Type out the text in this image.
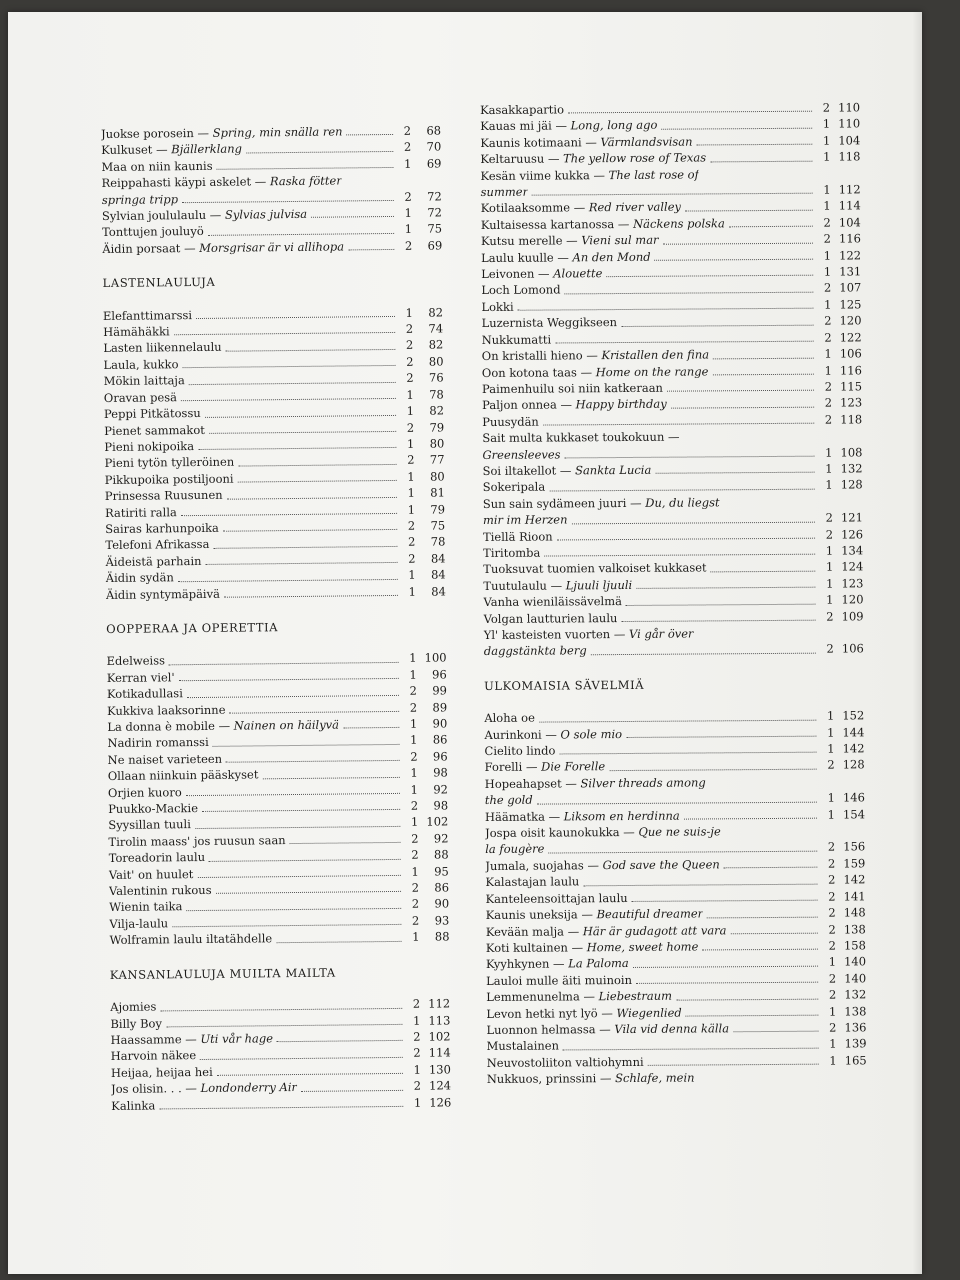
Juokse porosein — Spring, min snälla ren	2	68
Kulkuset — Bjällerklang	2	70
Maa on niin kaunis	1	69
Reippahasti käypi askelet — Raska fötter
springa tripp	2	72
Sylvian joululaulu — Sylvias julvisa	1	72
Tonttujen jouluyö	1	75
Äidin porsaat — Morsgrisar är vi allihopa	2	69
LASTENLAULUJA
Elefanttimarssi	1	82
Hämähäkki	2	74
Lasten liikennelaulu	2	82
Laula, kukko	2	80
Mökin laittaja	2	76
Oravan pesä	1	78
Peppi Pitkätossu	1	82
Pienet sammakot	2	79
Pieni nokipoika	1	80
Pieni tytön tylleröinen	2	77
Pikkupoika postiljooni	1	80
Prinsessa Ruusunen	1	81
Ratiriti ralla	1	79
Sairas karhunpoika	2	75
Telefoni Afrikassa	2	78
Äideistä parhain	2	84
Äidin sydän	1	84
Äidin syntymäpäivä	1	84
OOPPERAA JA OPERETTIA
Edelweiss	1 100
Kerran viel'	1	96
Kotikadullasi	2	99
Kukkiva laaksorinne	2	89
La donna è mobile — Nainen on häilyvä	1	90
Nadirin romanssi	1	86
Ne naiset varieteen	2	96
Ollaan niinkuin pääskyset	1	98
Orjien kuoro	1	92
Puukko-Mackie	2	98
Syysillan tuuli	1 102
Tirolin maass' jos ruusun saan	2	92
Toreadorin laulu	2	88
Vait' on huulet	1	95
Valentinin rukous	2	86
Wienin taika	2	90
Vilja-laulu	2	93
Wolframin laulu iltatähdelle	1	88
KANSANLAULUJA MUILTA MAILTA
Ajomies	2 112
Billy Boy	1 113
Haassamme — Uti vår hage	2 102
Harvoin näkee	2 114
Heijaa, heijaa hei	1 130
Jos olisin. . . — Londonderry Air	2 124
Kalinka	1 126
Kasakkapartio	2 110
Kauas mi jäi — Long, long ago	1 110
Kaunis kotimaani — Värmlandsvisan	1 104
Keltaruusu — The yellow rose of Texas	1 118
Kesän viime kukka — The last rose of
summer	1 112
Kotilaaksomme — Red river valley	1 114
Kultaisessa kartanossa — Näckens polska	2 104
Kutsu merelle — Vieni sul mar	2 116
Laulu kuulle — An den Mond	1 122
Leivonen — Alouette	1 131
Loch Lomond	2 107
Lokki	1 125
Luzernista Weggikseen	2 120
Nukkumatti	2 122
On kristalli hieno — Kristallen den fina	1 106
Oon kotona taas — Home on the range	1 116
Paimenhuilu soi niin katkeraan	2 115
Paljon onnea — Happy birthday	2 123
Puusydän	2 118
Sait multa kukkaset toukokuun —
Greensleeves	1 108
Soi iltakellot — Sankta Lucia	1 132
Sokeripala	1 128
Sun sain sydämeen juuri — Du, du liegst
mir im Herzen	2 121
Tiellä Rioon	2 126
Tiritomba	1 134
Tuoksuvat tuomien valkoiset kukkaset	1 124
Tuutulaulu — Ljuuli ljuuli	1 123
Vanha wieniläissävelmä	1 120
Volgan lautturien laulu	2 109
Yl' kasteisten vuorten — Vi går över
daggstänkta berg	2 106
ULKOMAISIA SÄVELMIÄ
Aloha oe	1 152
Aurinkoni — O sole mio	1 144
Cielito lindo	1 142
Forelli — Die Forelle	2 128
Hopeahapset — Silver threads among
the gold	1 146
Häämatka — Liksom en herdinna	1 154
Jospa oisit kaunokukka — Que ne suis-je
la fougère	2 156
Jumala, suojahas — God save the Queen	2 159
Kalastajan laulu	2 142
Kanteleensoittajan laulu	2 141
Kaunis uneksija — Beautiful dreamer	2 148
Kevään malja — Här är gudagott att vara	2 138
Koti kultainen — Home, sweet home	2 158
Kyyhkynen — La Paloma	1 140
Lauloi mulle äiti muinoin	2 140
Lemmenunelma — Liebestraum	2 132
Levon hetki nyt lyö — Wiegenlied	1 138
Luonnon helmassa — Vila vid denna källa	2 136
Mustalainen	1 139
Neuvostoliiton valtiohymni	1 165
Nukkuos, prinssini — Schlafe, mein
